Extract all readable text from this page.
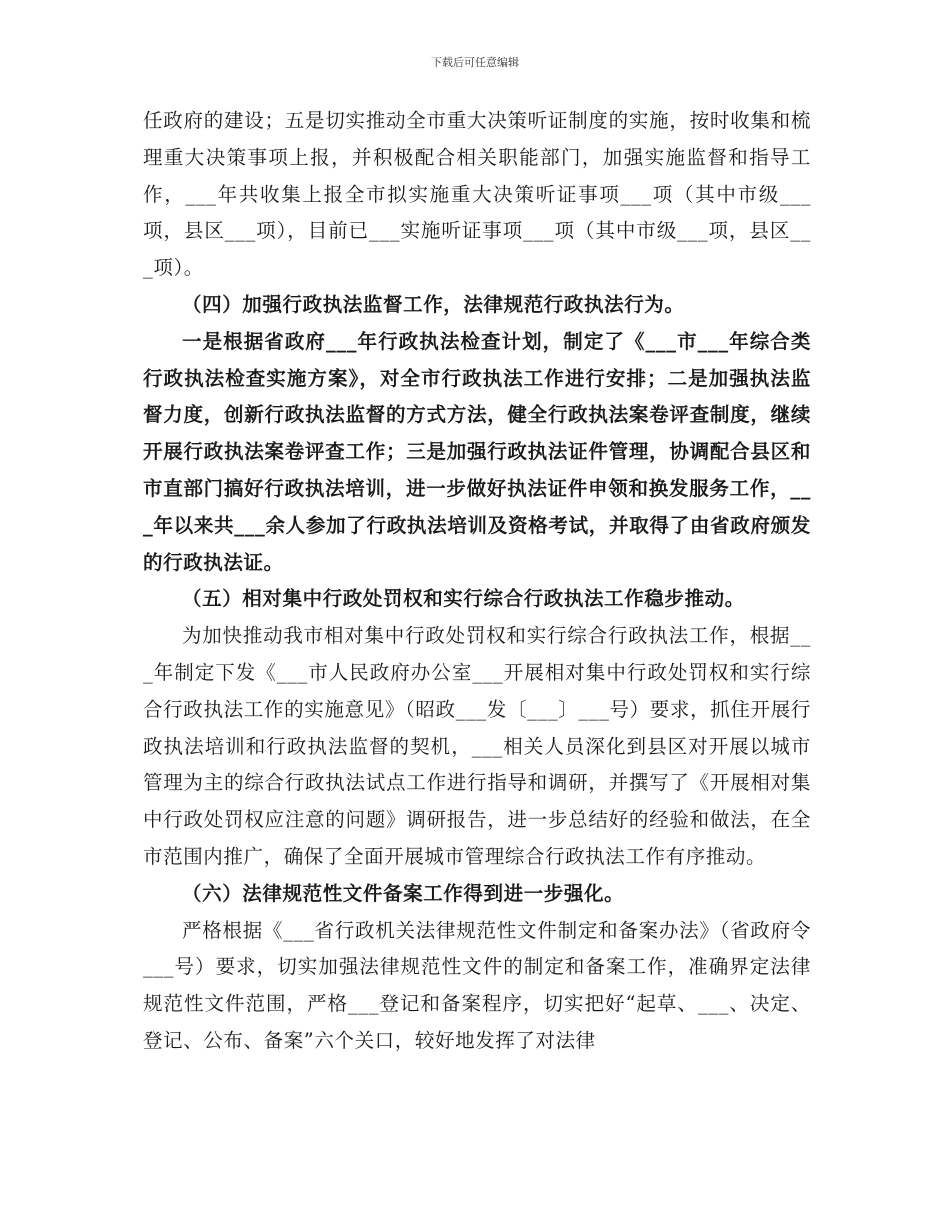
下载后可任意编辑

任政府的建设；五是切实推动全市重大决策听证制度的实施，按时收集和梳理重大决策事项上报，并积极配合相关职能部门，加强实施监督和指导工作，___年共收集上报全市拟实施重大决策听证事项___项（其中市级___项，县区___项），目前已___实施听证事项___项（其中市级___项，县区___项）。

（四）加强行政执法监督工作，法律规范行政执法行为。

一是根据省政府___年行政执法检查计划，制定了《___市___年综合类行政执法检查实施方案》，对全市行政执法工作进行安排；二是加强执法监督力度，创新行政执法监督的方式方法，健全行政执法案卷评查制度，继续开展行政执法案卷评查工作；三是加强行政执法证件管理，协调配合县区和市直部门搞好行政执法培训，进一步做好执法证件申领和换发服务工作，___年以来共___余人参加了行政执法培训及资格考试，并取得了由省政府颁发的行政执法证。

（五）相对集中行政处罚权和实行综合行政执法工作稳步推动。

为加快推动我市相对集中行政处罚权和实行综合行政执法工作，根据___年制定下发《___市人民政府办公室___开展相对集中行政处罚权和实行综合行政执法工作的实施意见》（昭政___发〔___〕___号）要求，抓住开展行政执法培训和行政执法监督的契机，___相关人员深化到县区对开展以城市管理为主的综合行政执法试点工作进行指导和调研，并撰写了《开展相对集中行政处罚权应注意的问题》调研报告，进一步总结好的经验和做法，在全市范围内推广，确保了全面开展城市管理综合行政执法工作有序推动。

（六）法律规范性文件备案工作得到进一步强化。

严格根据《___省行政机关法律规范性文件制定和备案办法》（省政府令___号）要求，切实加强法律规范性文件的制定和备案工作，准确界定法律规范性文件范围，严格___登记和备案程序，切实把好“起草、___、决定、登记、公布、备案”六个关口，较好地发挥了对法律
